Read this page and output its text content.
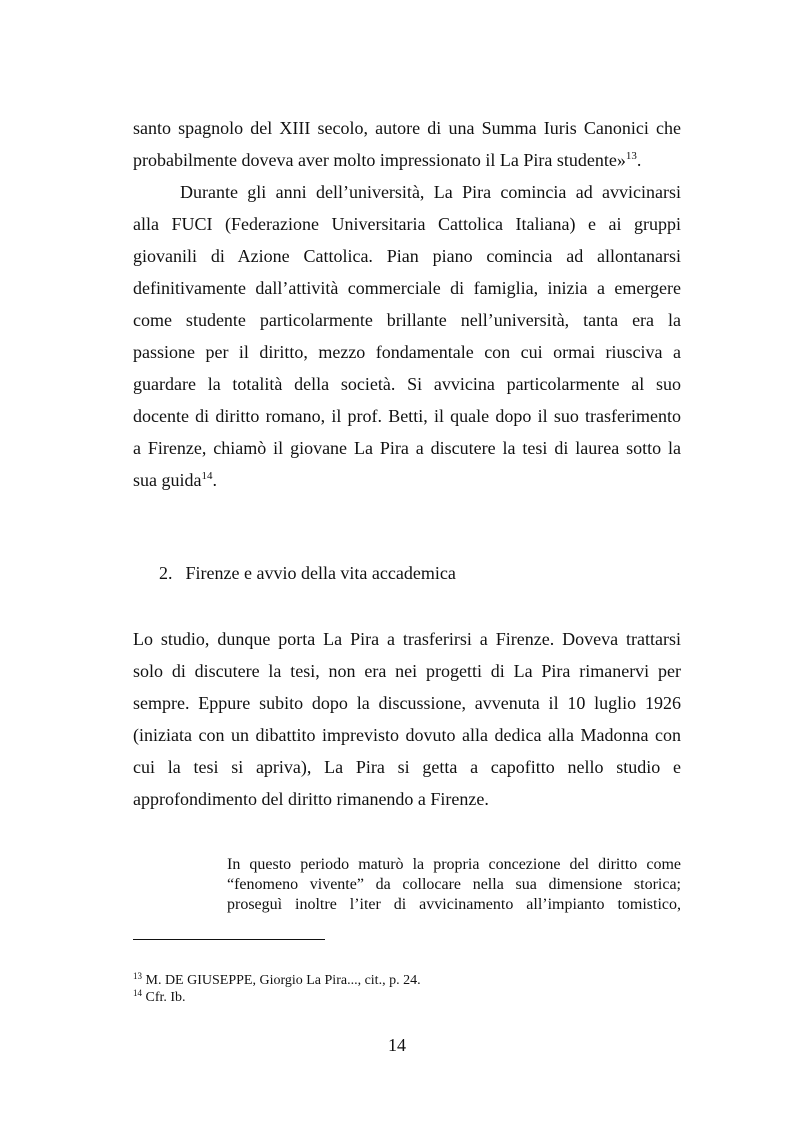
santo spagnolo del XIII secolo, autore di una Summa Iuris Canonici che
probabilmente doveva aver molto impressionato il La Pira studente»$^{13}$.

Durante gli anni dell’università, La Pira comincia ad avvicinarsi
alla FUCI (Federazione Universitaria Cattolica Italiana) e ai gruppi
giovanili di Azione Cattolica. Pian piano comincia ad allontanarsi
definitivamente dall’attività commerciale di famiglia, inizia a emergere
come studente particolarmente brillante nell’università, tanta era la
passione per il diritto, mezzo fondamentale con cui ormai riusciva a
guardare la totalità della società. Si avvicina particolarmente al suo
docente di diritto romano, il prof. Betti, il quale dopo il suo trasferimento
a Firenze, chiamò il giovane La Pira a discutere la tesi di laurea sotto la
sua guida$^{14}$.

2. Firenze e avvio della vita accademica

Lo studio, dunque porta La Pira a trasferirsi a Firenze. Doveva trattarsi
solo di discutere la tesi, non era nei progetti di La Pira rimanervi per
sempre. Eppure subito dopo la discussione, avvenuta il 10 luglio 1926
(iniziata con un dibattito imprevisto dovuto alla dedica alla Madonna con
cui la tesi si apriva), La Pira si getta a capofitto nello studio e
approfondimento del diritto rimanendo a Firenze.

In questo periodo maturò la propria concezione del diritto come
“fenomeno vivente” da collocare nella sua dimensione storica;
proseguì inoltre l’iter di avvicinamento all’impianto tomistico,
$^{13}$ M. DE GIUSEPPE, Giorgio La Pira..., cit., p. 24.
$^{14}$ Cfr. Ib.
14
